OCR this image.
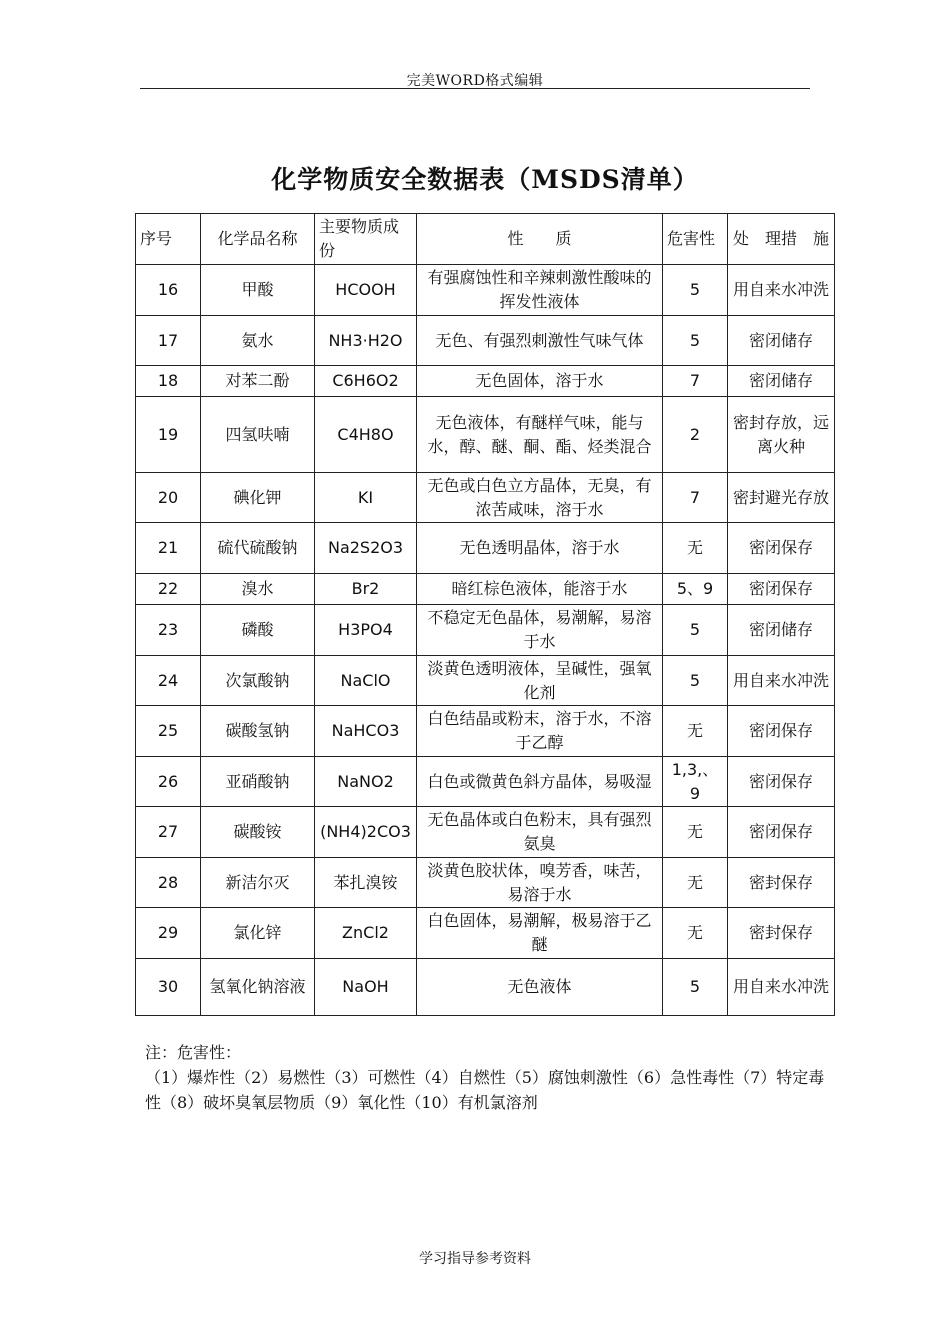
完美WORD格式编辑
化学物质安全数据表（MSDS清单）
序号	化学品名称	主要物质成份	性　　质	危害性	处　理措　施
16	甲酸	HCOOH	有强腐蚀性和辛辣刺激性酸味的挥发性液体	5	用自来水冲洗
17	氨水	NH3·H2O	无色、有强烈刺激性气味气体	5	密闭储存
18	对苯二酚	C6H6O2	无色固体，溶于水	7	密闭储存
19	四氢呋喃	C4H8O	无色液体，有醚样气味，能与水，醇、醚、酮、酯、烃类混合	2	密封存放，远离火种
20	碘化钾	KI	无色或白色立方晶体，无臭，有浓苦咸味，溶于水	7	密封避光存放
21	硫代硫酸钠	Na2S2O3	无色透明晶体，溶于水	无	密闭保存
22	溴水	Br2	暗红棕色液体，能溶于水	5、9	密闭保存
23	磷酸	H3PO4	不稳定无色晶体，易潮解，易溶于水	5	密闭储存
24	次氯酸钠	NaClO	淡黄色透明液体，呈碱性，强氧化剂	5	用自来水冲洗
25	碳酸氢钠	NaHCO3	白色结晶或粉末，溶于水，不溶于乙醇	无	密闭保存
26	亚硝酸钠	NaNO2	白色或微黄色斜方晶体，易吸湿	1,3,、9	密闭保存
27	碳酸铵	(NH4)2CO3	无色晶体或白色粉末，具有强烈氨臭	无	密闭保存
28	新洁尔灭	苯扎溴铵	淡黄色胶状体，嗅芳香，味苦，易溶于水	无	密封保存
29	氯化锌	ZnCl2	白色固体，易潮解，极易溶于乙醚	无	密封保存
30	氢氧化钠溶液	NaOH	无色液体	5	用自来水冲洗
注：危害性：
（1）爆炸性（2）易燃性（3）可燃性（4）自燃性（5）腐蚀刺激性（6）急性毒性（7）特定毒性（8）破坏臭氧层物质（9）氧化性（10）有机氯溶剂
学习指导参考资料
